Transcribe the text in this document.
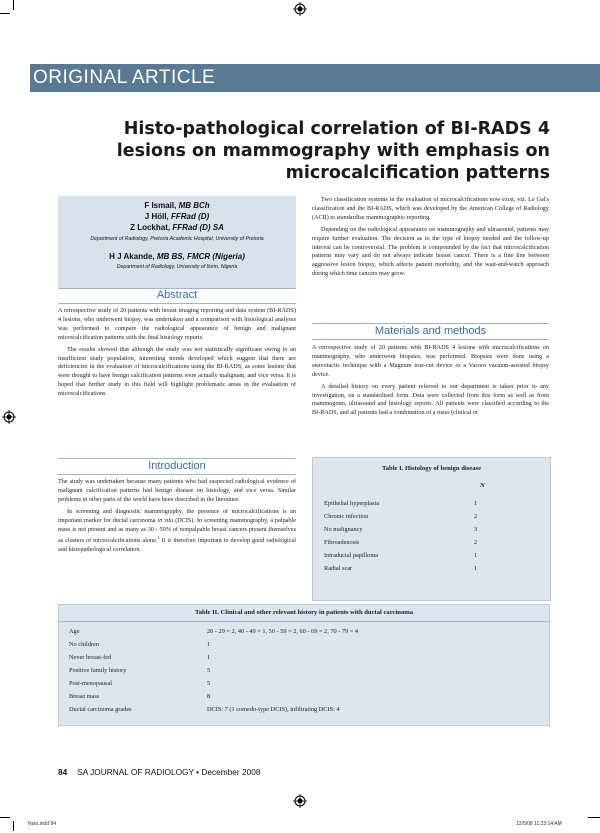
ORIGINAL ARTICLE
Histo-pathological correlation of BI-RADS 4
lesions on mammography with emphasis on
microcalcification patterns
F Ismail, MB BCh
J Höll, FFRad (D)
Z Lockhat, FFRad (D) SA
Department of Radiology, Pretoria Academic Hospital, University of Pretoria
H J Akande, MB BS, FMCR (Nigeria)
Department of Radiology, University of Ilorin, Nigeria
Abstract

A retrospective study of 20 patients with breast imaging reporting and data system (BI-RADS) 4 lesions, who underwent biopsy, was undertaken and a comparison with histological analyses was performed to compare the radiological appearance of benign and malignant microcalcification patterns with the final histology reports.

The results showed that although the study was not statistically significant owing to an insufficient study population, interesting trends developed which suggest that there are deficiencies in the evaluation of microcalcifications using the BI-RADS, as some lesions that were thought to have benign calcification patterns were actually malignant, and vice versa. It is hoped that further study in this field will highlight problematic areas in the evaluation of microcalcifications.

Introduction

The study was undertaken because many patients who had suspected radiological evidence of malignant calcification patterns had benign disease on histology, and vice versa. Similar problems in other parts of the world have been described in the literature.

In screening and diagnostic mammography, the presence of microcalcifications is an important marker for ductal carcinoma in situ (DCIS). In screening mammography, a palpable mass is not present and as many as 30 - 50% of nonpalpable breast cancers present themselves as clusters of microcalcifications alone.$^1$ It is therefore important to develop good radiological and histopathological correlation.

Two classification systems in the evaluation of microcalcifications now exist, viz. Le Gal's classification and the BI-RADS, which was developed by the American College of Radiology (ACR) to standardise mammographic reporting.

Depending on the radiological appearance on mammography and ultrasound, patients may require further evaluation. The decision as to the type of biopsy needed and the follow-up interval can be controversial. The problem is compounded by the fact that microcalcification patterns may vary and do not always indicate breast cancer. There is a fine line between aggressive lesion biopsy, which affects patient morbidity, and the wait-and-watch approach during which time cancers may grow.

Materials and methods

A retrospective study of 20 patients with BI-RADS 4 lesions with microcalcifications on mammography, who underwent biopsies, was performed. Biopsies were done using a stereotactic technique with a Magnum true-cut device or a Vacora vacuum-assisted biopsy device.

A detailed history on every patient referred to our department is taken prior to any investigation, on a standardised form. Data were collected from this form as well as from mammogram, ultrasound and histology reports. All patients were classified according to the BI-RADS, and all patients had a combination of a mass (clinical or

Table I. Histology of benign disease
N
Epithelial hyperplasia	1
Chronic infection	2
No malignancy	3
Fibroadenosis	2
Intraductal papilloma	1
Radial scar	1
Table II. Clinical and other relevant history in patients with ductal carcinoma
Age	20 - 29 = 2, 40 - 49 = 1, 50 - 59 = 2, 60 - 69 = 2, 70 - 79 = 4
No children	1
Never breast-fed	1
Positive family history	5
Post-menopausal	5
Breast mass	8
Ductal carcinoma grades	DCIS: 7 (1 comedo-type DCIS), infiltrating DCIS: 4
84 SA JOURNAL OF RADIOLOGY • December 2008
Nsto.indd 84	12/5/08 11:23:14 AM
